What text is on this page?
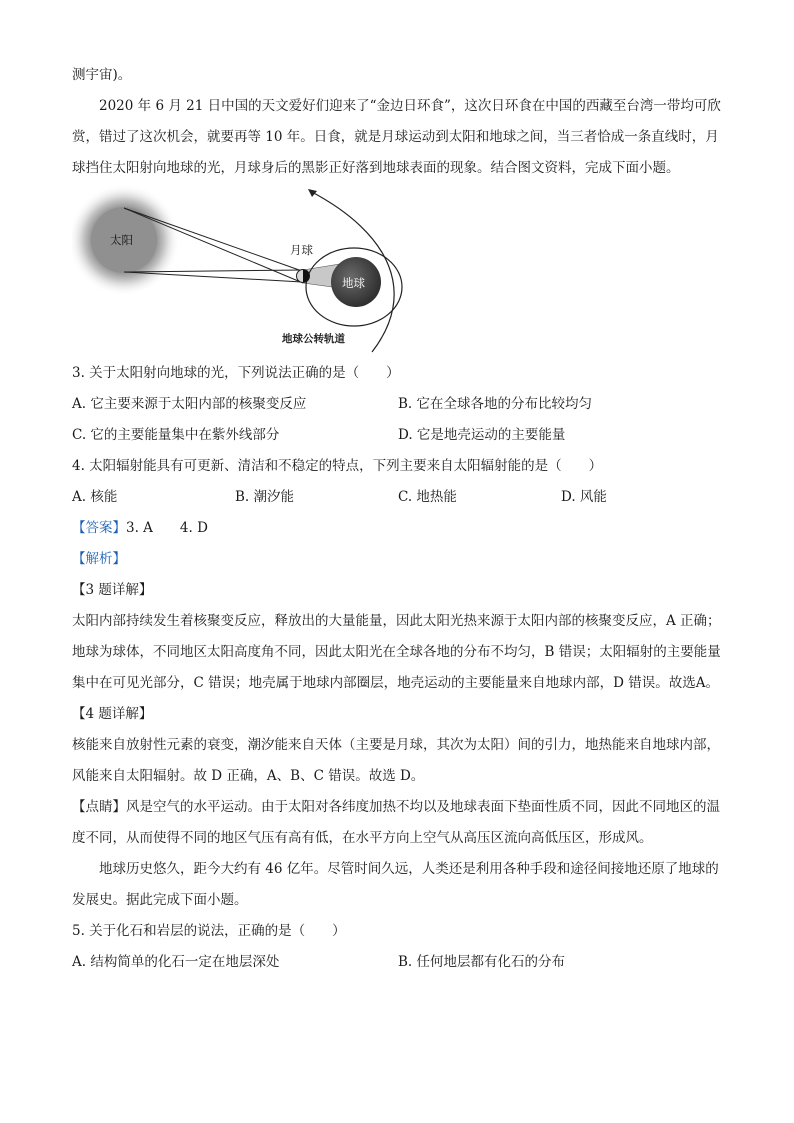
测宇宙)。

2020 年 6 月 21 日中国的天文爱好们迎来了“金边日环食”，这次日环食在中国的西藏至台湾一带均可欣赏，错过了这次机会，就要再等 10 年。日食，就是月球运动到太阳和地球之间，当三者恰成一条直线时，月球挡住太阳射向地球的光，月球身后的黑影正好落到地球表面的现象。结合图文资料，完成下面小题。

太阳
月球
地球
地球公转轨道
3. 关于太阳射向地球的光，下列说法正确的是（　　）
A. 它主要来源于太阳内部的核聚变反应	B. 它在全球各地的分布比较均匀
C. 它的主要能量集中在紫外线部分	D. 它是地壳运动的主要能量
4. 太阳辐射能具有可更新、清洁和不稳定的特点，下列主要来自太阳辐射能的是（　　）
A. 核能	B. 潮汐能	C. 地热能	D. 风能
【答案】3. A　　4. D
【解析】
【3 题详解】

太阳内部持续发生着核聚变反应，释放出的大量能量，因此太阳光热来源于太阳内部的核聚变反应，A 正确；地球为球体，不同地区太阳高度角不同，因此太阳光在全球各地的分布不均匀，B 错误；太阳辐射的主要能量集中在可见光部分，C 错误；地壳属于地球内部圈层，地壳运动的主要能量来自地球内部，D 错误。故选A。

【4 题详解】

核能来自放射性元素的衰变，潮汐能来自天体（主要是月球，其次为太阳）间的引力，地热能来自地球内部，风能来自太阳辐射。故 D 正确，A、B、C 错误。故选 D。

【点睛】风是空气的水平运动。由于太阳对各纬度加热不均以及地球表面下垫面性质不同，因此不同地区的温度不同，从而使得不同的地区气压有高有低，在水平方向上空气从高压区流向高低压区，形成风。

地球历史悠久，距今大约有 46 亿年。尽管时间久远，人类还是利用各种手段和途径间接地还原了地球的发展史。据此完成下面小题。

5. 关于化石和岩层的说法，正确的是（　　）
A. 结构简单的化石一定在地层深处	B. 任何地层都有化石的分布
